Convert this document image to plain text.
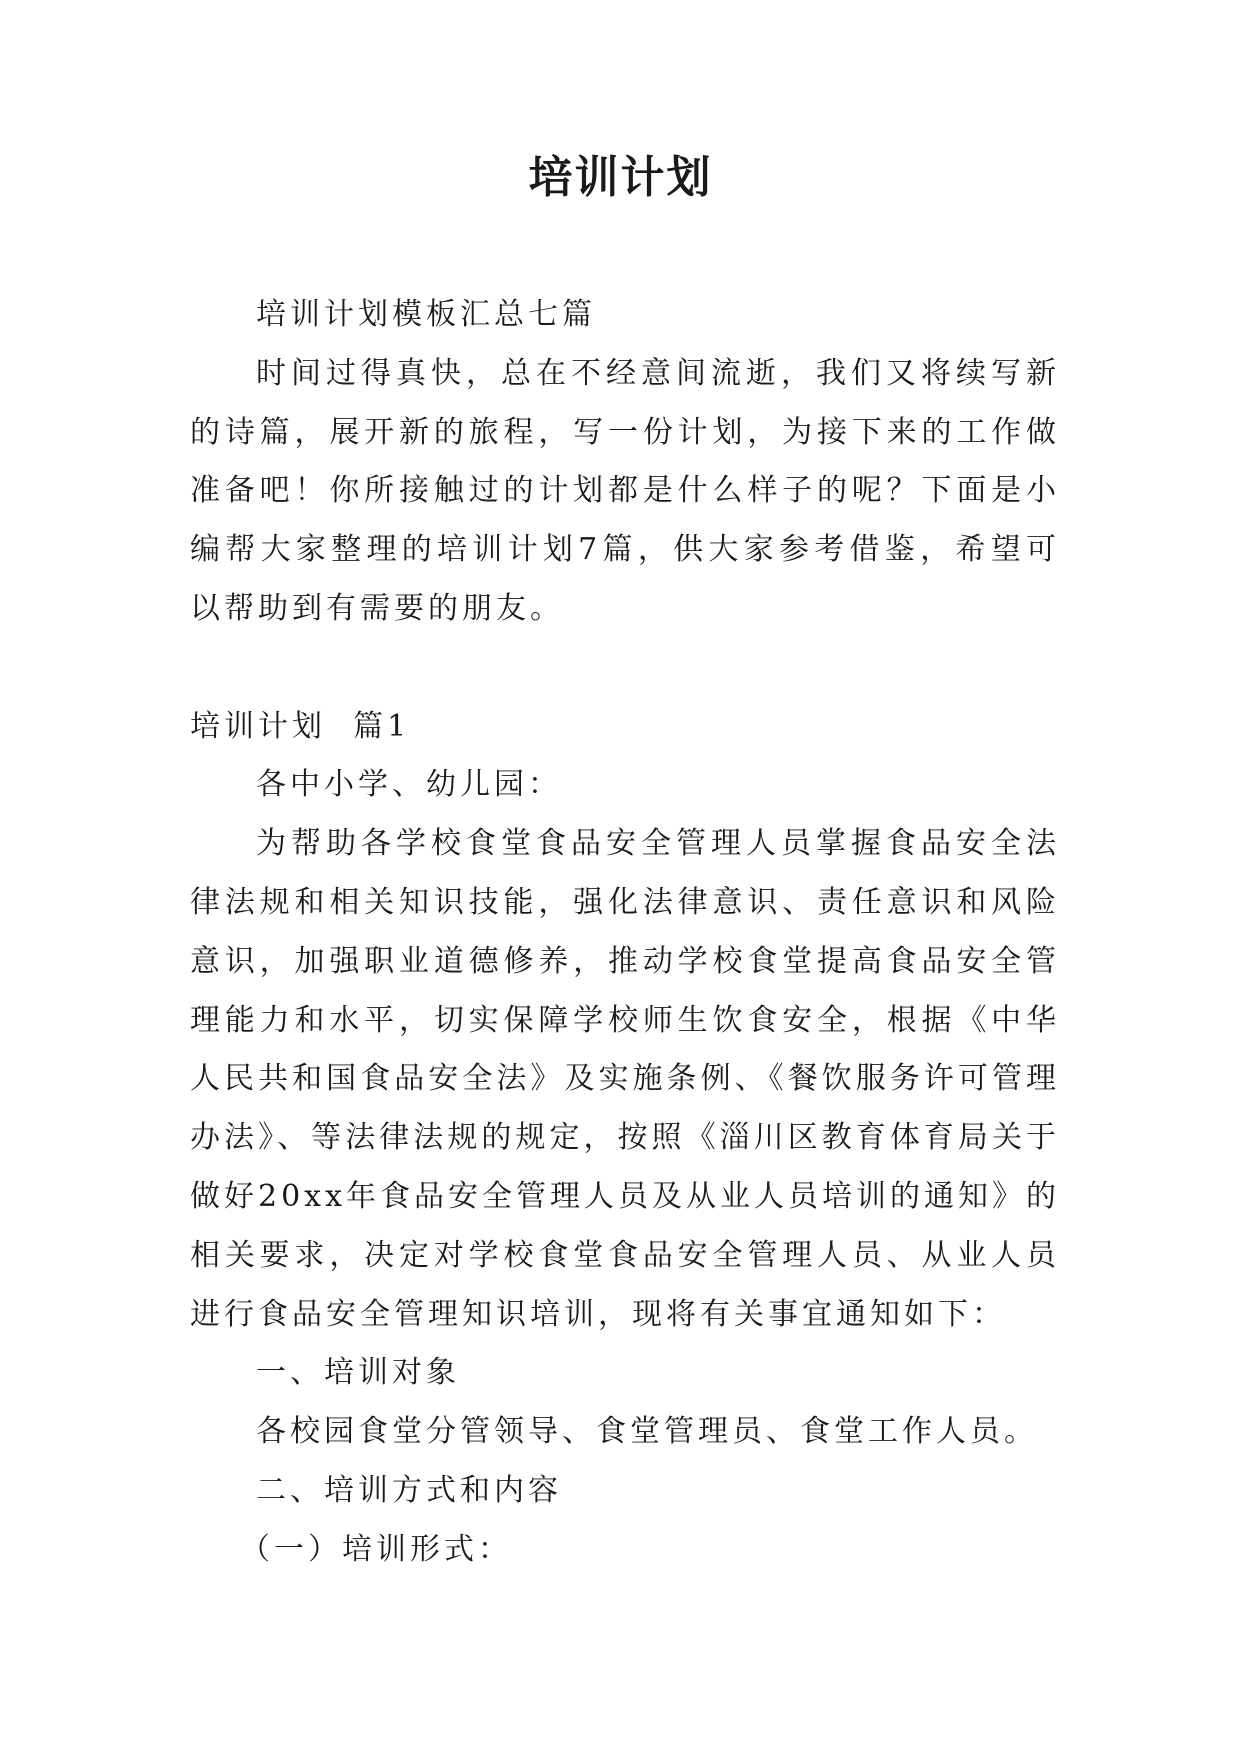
培训计划

培训计划模板汇总七篇

时间过得真快，总在不经意间流逝，我们又将续写新的诗篇，展开新的旅程，写一份计划，为接下来的工作做准备吧！你所接触过的计划都是什么样子的呢？下面是小编帮大家整理的培训计划7篇，供大家参考借鉴，希望可以帮助到有需要的朋友。

培训计划  篇1

各中小学、幼儿园：

为帮助各学校食堂食品安全管理人员掌握食品安全法律法规和相关知识技能，强化法律意识、责任意识和风险意识，加强职业道德修养，推动学校食堂提高食品安全管理能力和水平，切实保障学校师生饮食安全，根据《中华人民共和国食品安全法》及实施条例、《餐饮服务许可管理办法》、等法律法规的规定，按照《淄川区教育体育局关于做好20xx年食品安全管理人员及从业人员培训的通知》的相关要求，决定对学校食堂食品安全管理人员、从业人员进行食品安全管理知识培训，现将有关事宜通知如下：

一、培训对象

各校园食堂分管领导、食堂管理员、食堂工作人员。

二、培训方式和内容

（一）培训形式：
